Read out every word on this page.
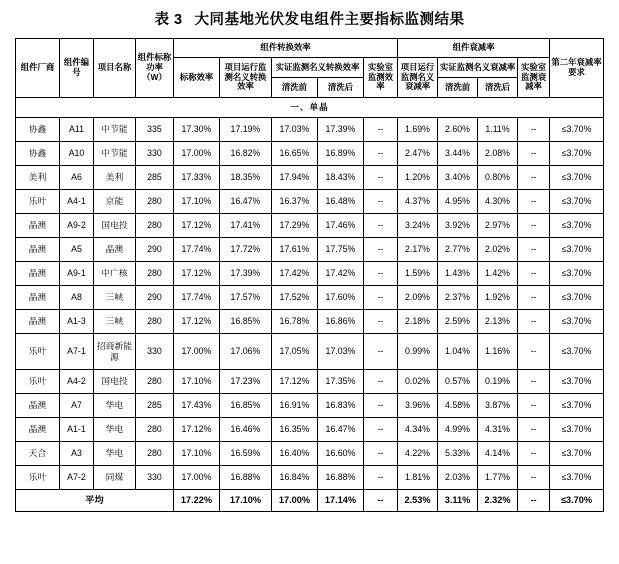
表 3 大同基地光伏发电组件主要指标监测结果
组件厂商	组件编号	项目名称	组件标称功率（W）	组件转换效率					组件衰减率				第二年衰减率要求
				标称效率	项目运行监测名义转换效率	实证监测名义转换效率		实验室监测效率	项目运行监测名义衰减率	实证监测名义衰减率		实验室监测衰减率	
						清洗前	清洗后			清洗前	清洗后		
一、单晶													
协鑫	A11	中节能	335	17.30%	17.19%	17.03%	17.39%	--	1.69%	2.60%	1.11%	--	≤3.70%
协鑫	A10	中节能	330	17.00%	16.82%	16.65%	16.89%	--	2.47%	3.44%	2.08%	--	≤3.70%
美利	A6	美利	285	17.33%	18.35%	17.94%	18.43%	--	1.20%	3.40%	0.80%	--	≤3.70%
乐叶	A4-1	京能	280	17.10%	16.47%	16.37%	16.48%	--	4.37%	4.95%	4.30%	--	≤3.70%
晶澳	A9-2	国电投	280	17.12%	17.41%	17.29%	17.46%	--	3.24%	3.92%	2.97%	--	≤3.70%
晶澳	A5	晶澳	290	17.74%	17.72%	17.61%	17.75%	--	2.17%	2.77%	2.02%	--	≤3.70%
晶澳	A9-1	中广核	280	17.12%	17.39%	17.42%	17.42%	--	1.59%	1.43%	1.42%	--	≤3.70%
晶澳	A8	三峡	290	17.74%	17.57%	17.52%	17.60%	--	2.09%	2.37%	1.92%	--	≤3.70%
晶澳	A1-3	三峡	280	17.12%	16.85%	16.78%	16.86%	--	2.18%	2.59%	2.13%	--	≤3.70%
乐叶	A7-1	招商新能源	330	17.00%	17.06%	17.05%	17.03%	--	0.99%	1.04%	1.16%	--	≤3.70%
乐叶	A4-2	国电投	280	17.10%	17.23%	17.12%	17.35%	--	0.02%	0.57%	0.19%	--	≤3.70%
晶澳	A7	华电	285	17.43%	16.85%	16.91%	16.83%	--	3.96%	4.58%	3.87%	--	≤3.70%
晶澳	A1-1	华电	280	17.12%	16.46%	16.35%	16.47%	--	4.34%	4.99%	4.31%	--	≤3.70%
天合	A3	华电	280	17.10%	16.59%	16.40%	16.60%	--	4.22%	5.33%	4.14%	--	≤3.70%
乐叶	A7-2	同煤	330	17.00%	16.88%	16.84%	16.88%	--	1.81%	2.03%	1.77%	--	≤3.70%
平均				17.22%	17.10%	17.00%	17.14%	--	2.53%	3.11%	2.32%	--	≤3.70%
